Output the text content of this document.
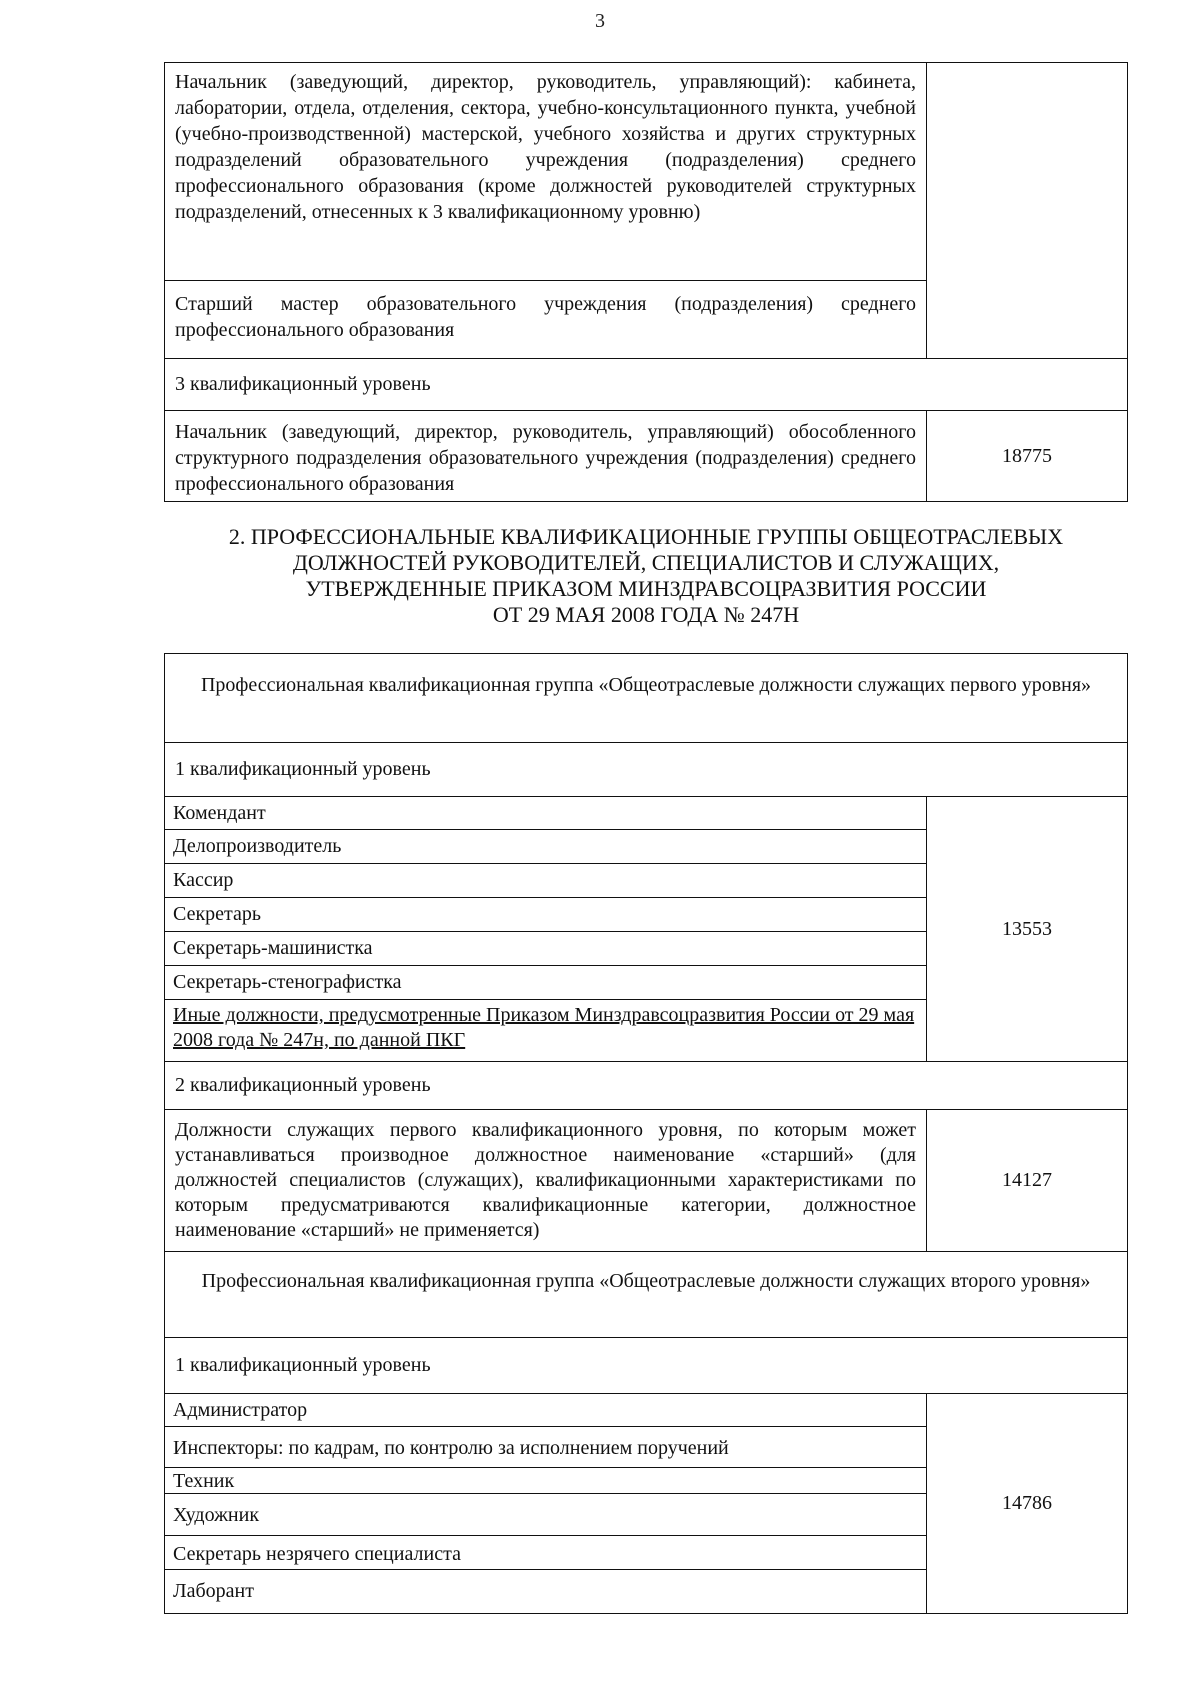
3
Начальник (заведующий, директор, руководитель, управляющий): кабинета, лаборатории, отдела, отделения, сектора, учебно-консультационного пункта, учебной (учебно-производственной) мастерской, учебного хозяйства и других структурных подразделений образовательного учреждения (подразделения) среднего профессионального образования (кроме должностей руководителей структурных подразделений, отнесенных к 3 квалификационному уровню)
Старший мастер образовательного учреждения (подразделения) среднего профессионального образования
3 квалификационный уровень
Начальник (заведующий, директор, руководитель, управляющий) обособленного структурного подразделения образовательного учреждения (подразделения) среднего профессионального образования
18775
2. ПРОФЕССИОНАЛЬНЫЕ КВАЛИФИКАЦИОННЫЕ ГРУППЫ ОБЩЕОТРАСЛЕВЫХ
ДОЛЖНОСТЕЙ РУКОВОДИТЕЛЕЙ, СПЕЦИАЛИСТОВ И СЛУЖАЩИХ,
УТВЕРЖДЕННЫЕ ПРИКАЗОМ МИНЗДРАВСОЦРАЗВИТИЯ РОССИИ
ОТ 29 МАЯ 2008 ГОДА № 247Н
Профессиональная квалификационная группа «Общеотраслевые должности служащих первого уровня»
1 квалификационный уровень
Комендант
Делопроизводитель
Кассир
Секретарь
Секретарь-машинистка
Секретарь-стенографистка
Иные должности, предусмотренные Приказом Минздравсоцразвития России от 29 мая 2008 года № 247н, по данной ПКГ
13553
2 квалификационный уровень
Должности служащих первого квалификационного уровня, по которым может устанавливаться производное должностное наименование «старший» (для должностей специалистов (служащих), квалификационными характеристиками по которым предусматриваются квалификационные категории, должностное наименование «старший» не применяется)
14127
Профессиональная квалификационная группа «Общеотраслевые должности служащих второго уровня»
1 квалификационный уровень
Администратор
Инспекторы: по кадрам, по контролю за исполнением поручений
Техник
Художник
Секретарь незрячего специалиста
Лаборант
14786
